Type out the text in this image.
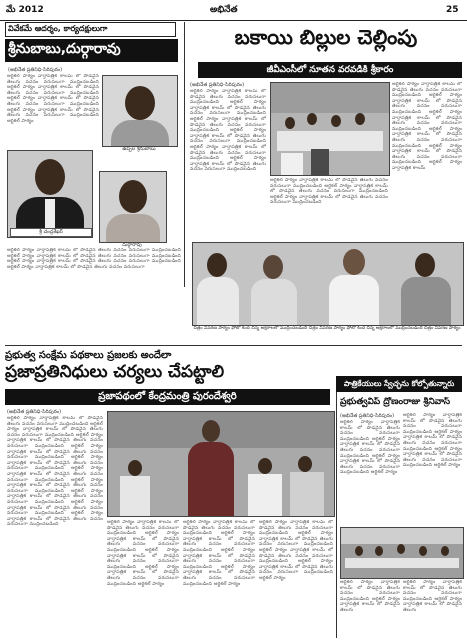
మే 2012	అభినేత	25
వివేకమే ఆదర్శం, కార్యదక్షులుగా
శ్రీనుబాబు,దుర్గారావు
(అభినేత ప్రతినిధి-సిరిపురం)
ఆర్టికల్ పాఠ్యం వార్తాపత్రిక కాలమ్ లో పొడవైన తెలుగు వచనం వరుసలుగా ముద్రించబడింది ఆర్టికల్ పాఠ్యం వార్తాపత్రిక కాలమ్ లో పొడవైన తెలుగు వచనం వరుసలుగా ముద్రించబడింది ఆర్టికల్ పాఠ్యం వార్తాపత్రిక కాలమ్ లో పొడవైన తెలుగు వచనం వరుసలుగా ముద్రించబడింది ఆర్టికల్ పాఠ్యం వార్తాపత్రిక కాలమ్ లో పొడవైన తెలుగు వచనం వరుసలుగా ముద్రించబడింది ఆర్టికల్ పాఠ్యం
ఉప్పల శ్రీనుబాబు
శ్రీ చంద్రశేఖర్
దుర్గారావు
ఆర్టికల్ పాఠ్యం వార్తాపత్రిక కాలమ్ లో పొడవైన తెలుగు వచనం వరుసలుగా ముద్రించబడింది ఆర్టికల్ పాఠ్యం వార్తాపత్రిక కాలమ్ లో పొడవైన తెలుగు వచనం వరుసలుగా ముద్రించబడింది ఆర్టికల్ పాఠ్యం వార్తాపత్రిక కాలమ్ లో పొడవైన తెలుగు వచనం వరుసలుగా ముద్రించబడింది ఆర్టికల్ పాఠ్యం వార్తాపత్రిక కాలమ్ లో పొడవైన తెలుగు వచనం వరుసలుగా
బకాయి బిల్లుల చెల్లింపు
జీవీఎంసీలో నూతన వరవడికి శ్రీకారం
(అభినేత ప్రతినిధి-సిరిపురం)
ఆర్టికల్ పాఠ్యం వార్తాపత్రిక కాలమ్ లో పొడవైన తెలుగు వచనం వరుసలుగా ముద్రించబడింది ఆర్టికల్ పాఠ్యం వార్తాపత్రిక కాలమ్ లో పొడవైన తెలుగు వచనం వరుసలుగా ముద్రించబడింది ఆర్టికల్ పాఠ్యం వార్తాపత్రిక కాలమ్ లో పొడవైన తెలుగు వచనం వరుసలుగా ముద్రించబడింది ఆర్టికల్ పాఠ్యం వార్తాపత్రిక కాలమ్ లో పొడవైన తెలుగు వచనం వరుసలుగా ముద్రించబడింది ఆర్టికల్ పాఠ్యం వార్తాపత్రిక కాలమ్ లో పొడవైన తెలుగు వచనం వరుసలుగా ముద్రించబడింది ఆర్టికల్ పాఠ్యం వార్తాపత్రిక కాలమ్ లో పొడవైన తెలుగు వచనం వరుసలుగా ముద్రించబడింది
ఆర్టికల్ పాఠ్యం వార్తాపత్రిక కాలమ్ లో పొడవైన తెలుగు వచనం వరుసలుగా ముద్రించబడింది ఆర్టికల్ పాఠ్యం వార్తాపత్రిక కాలమ్ లో పొడవైన తెలుగు వచనం వరుసలుగా ముద్రించబడింది ఆర్టికల్ పాఠ్యం వార్తాపత్రిక కాలమ్ లో పొడవైన తెలుగు వచనం వరుసలుగా ముద్రించబడింది
ఆర్టికల్ పాఠ్యం వార్తాపత్రిక కాలమ్ లో పొడవైన తెలుగు వచనం వరుసలుగా ముద్రించబడింది ఆర్టికల్ పాఠ్యం వార్తాపత్రిక కాలమ్ లో పొడవైన తెలుగు వచనం వరుసలుగా ముద్రించబడింది ఆర్టికల్ పాఠ్యం వార్తాపత్రిక కాలమ్ లో పొడవైన తెలుగు వచనం వరుసలుగా ముద్రించబడింది ఆర్టికల్ పాఠ్యం వార్తాపత్రిక కాలమ్ లో పొడవైన తెలుగు వచనం వరుసలుగా ముద్రించబడింది ఆర్టికల్ పాఠ్యం వార్తాపత్రిక కాలమ్ లో పొడవైన తెలుగు వచనం వరుసలుగా ముద్రించబడింది ఆర్టికల్ పాఠ్యం వార్తాపత్రిక కాలమ్
చిత్రం వివరణ పాఠ్యం ఫోటో కింద చిన్న అక్షరాలలో ముద్రించబడింది చిత్రం వివరణ పాఠ్యం ఫోటో కింద చిన్న అక్షరాలలో ముద్రించబడింది చిత్రం వివరణ పాఠ్యం
ప్రభుత్వ సంక్షేమ పథకాలు ప్రజలకు అందేలా
ప్రజాప్రతినిధులు చర్యలు చేపట్టాలి
ప్రజాపథంలో కేంద్రమంత్రి పురందేశ్వరి
(అభినేత ప్రతినిధి-సిరిపురం)
ఆర్టికల్ పాఠ్యం వార్తాపత్రిక కాలమ్ లో పొడవైన తెలుగు వచనం వరుసలుగా ముద్రించబడింది ఆర్టికల్ పాఠ్యం వార్తాపత్రిక కాలమ్ లో పొడవైన తెలుగు వచనం వరుసలుగా ముద్రించబడింది ఆర్టికల్ పాఠ్యం వార్తాపత్రిక కాలమ్ లో పొడవైన తెలుగు వచనం వరుసలుగా ముద్రించబడింది ఆర్టికల్ పాఠ్యం వార్తాపత్రిక కాలమ్ లో పొడవైన తెలుగు వచనం వరుసలుగా ముద్రించబడింది ఆర్టికల్ పాఠ్యం వార్తాపత్రిక కాలమ్ లో పొడవైన తెలుగు వచనం వరుసలుగా ముద్రించబడింది ఆర్టికల్ పాఠ్యం వార్తాపత్రిక కాలమ్ లో పొడవైన తెలుగు వచనం వరుసలుగా ముద్రించబడింది ఆర్టికల్ పాఠ్యం వార్తాపత్రిక కాలమ్ లో పొడవైన తెలుగు వచనం వరుసలుగా ముద్రించబడింది ఆర్టికల్ పాఠ్యం వార్తాపత్రిక కాలమ్ లో పొడవైన తెలుగు వచనం వరుసలుగా ముద్రించబడింది ఆర్టికల్ పాఠ్యం వార్తాపత్రిక కాలమ్ లో పొడవైన తెలుగు వచనం వరుసలుగా ముద్రించబడింది ఆర్టికల్ పాఠ్యం వార్తాపత్రిక కాలమ్ లో పొడవైన తెలుగు వచనం వరుసలుగా ముద్రించబడింది	ఆర్టికల్ పాఠ్యం వార్తాపత్రిక కాలమ్ లో పొడవైన తెలుగు వచనం వరుసలుగా ముద్రించబడింది ఆర్టికల్ పాఠ్యం వార్తాపత్రిక కాలమ్ లో పొడవైన తెలుగు వచనం వరుసలుగా ముద్రించబడింది ఆర్టికల్ పాఠ్యం వార్తాపత్రిక కాలమ్ లో పొడవైన తెలుగు వచనం వరుసలుగా ముద్రించబడింది ఆర్టికల్ పాఠ్యం వార్తాపత్రిక కాలమ్ లో పొడవైన తెలుగు వచనం వరుసలుగా ముద్రించబడింది ఆర్టికల్ పాఠ్యం
ఆర్టికల్ పాఠ్యం వార్తాపత్రిక కాలమ్ లో పొడవైన తెలుగు వచనం వరుసలుగా ముద్రించబడింది ఆర్టికల్ పాఠ్యం వార్తాపత్రిక కాలమ్ లో పొడవైన తెలుగు వచనం వరుసలుగా ముద్రించబడింది ఆర్టికల్ పాఠ్యం వార్తాపత్రిక కాలమ్ లో పొడవైన తెలుగు వచనం వరుసలుగా ముద్రించబడింది ఆర్టికల్ పాఠ్యం వార్తాపత్రిక కాలమ్ లో పొడవైన తెలుగు వచనం వరుసలుగా ముద్రించబడింది ఆర్టికల్ పాఠ్యం
ఆర్టికల్ పాఠ్యం వార్తాపత్రిక కాలమ్ లో పొడవైన తెలుగు వచనం వరుసలుగా ముద్రించబడింది ఆర్టికల్ పాఠ్యం వార్తాపత్రిక కాలమ్ లో పొడవైన తెలుగు వచనం వరుసలుగా ముద్రించబడింది ఆర్టికల్ పాఠ్యం వార్తాపత్రిక కాలమ్ లో పొడవైన తెలుగు వచనం వరుసలుగా ముద్రించబడింది ఆర్టికల్ పాఠ్యం వార్తాపత్రిక కాలమ్ లో పొడవైన తెలుగు వచనం వరుసలుగా ముద్రించబడింది ఆర్టికల్ పాఠ్యం
పాత్రికేయులు స్వేచ్ఛను కోల్పోతున్నారు
ప్రభుత్వవిప్ ద్రోణంరాజు శ్రీనివాస్
(అభినేత ప్రతినిధి-సిరిపురం)
ఆర్టికల్ పాఠ్యం వార్తాపత్రిక కాలమ్ లో పొడవైన తెలుగు వచనం వరుసలుగా ముద్రించబడింది ఆర్టికల్ పాఠ్యం వార్తాపత్రిక కాలమ్ లో పొడవైన తెలుగు వచనం వరుసలుగా ముద్రించబడింది ఆర్టికల్ పాఠ్యం వార్తాపత్రిక కాలమ్ లో పొడవైన తెలుగు వచనం వరుసలుగా ముద్రించబడింది ఆర్టికల్ పాఠ్యం
ఆర్టికల్ పాఠ్యం వార్తాపత్రిక కాలమ్ లో పొడవైన తెలుగు వచనం వరుసలుగా ముద్రించబడింది ఆర్టికల్ పాఠ్యం వార్తాపత్రిక కాలమ్ లో పొడవైన తెలుగు వచనం వరుసలుగా ముద్రించబడింది ఆర్టికల్ పాఠ్యం వార్తాపత్రిక కాలమ్ లో పొడవైన తెలుగు వచనం వరుసలుగా ముద్రించబడింది ఆర్టికల్ పాఠ్యం
ఆర్టికల్ పాఠ్యం వార్తాపత్రిక కాలమ్ లో పొడవైన తెలుగు వచనం వరుసలుగా ముద్రించబడింది ఆర్టికల్ పాఠ్యం వార్తాపత్రిక కాలమ్ లో పొడవైన తెలుగు
ఆర్టికల్ పాఠ్యం వార్తాపత్రిక కాలమ్ లో పొడవైన తెలుగు వచనం వరుసలుగా ముద్రించబడింది ఆర్టికల్ పాఠ్యం వార్తాపత్రిక కాలమ్ లో పొడవైన తెలుగు
